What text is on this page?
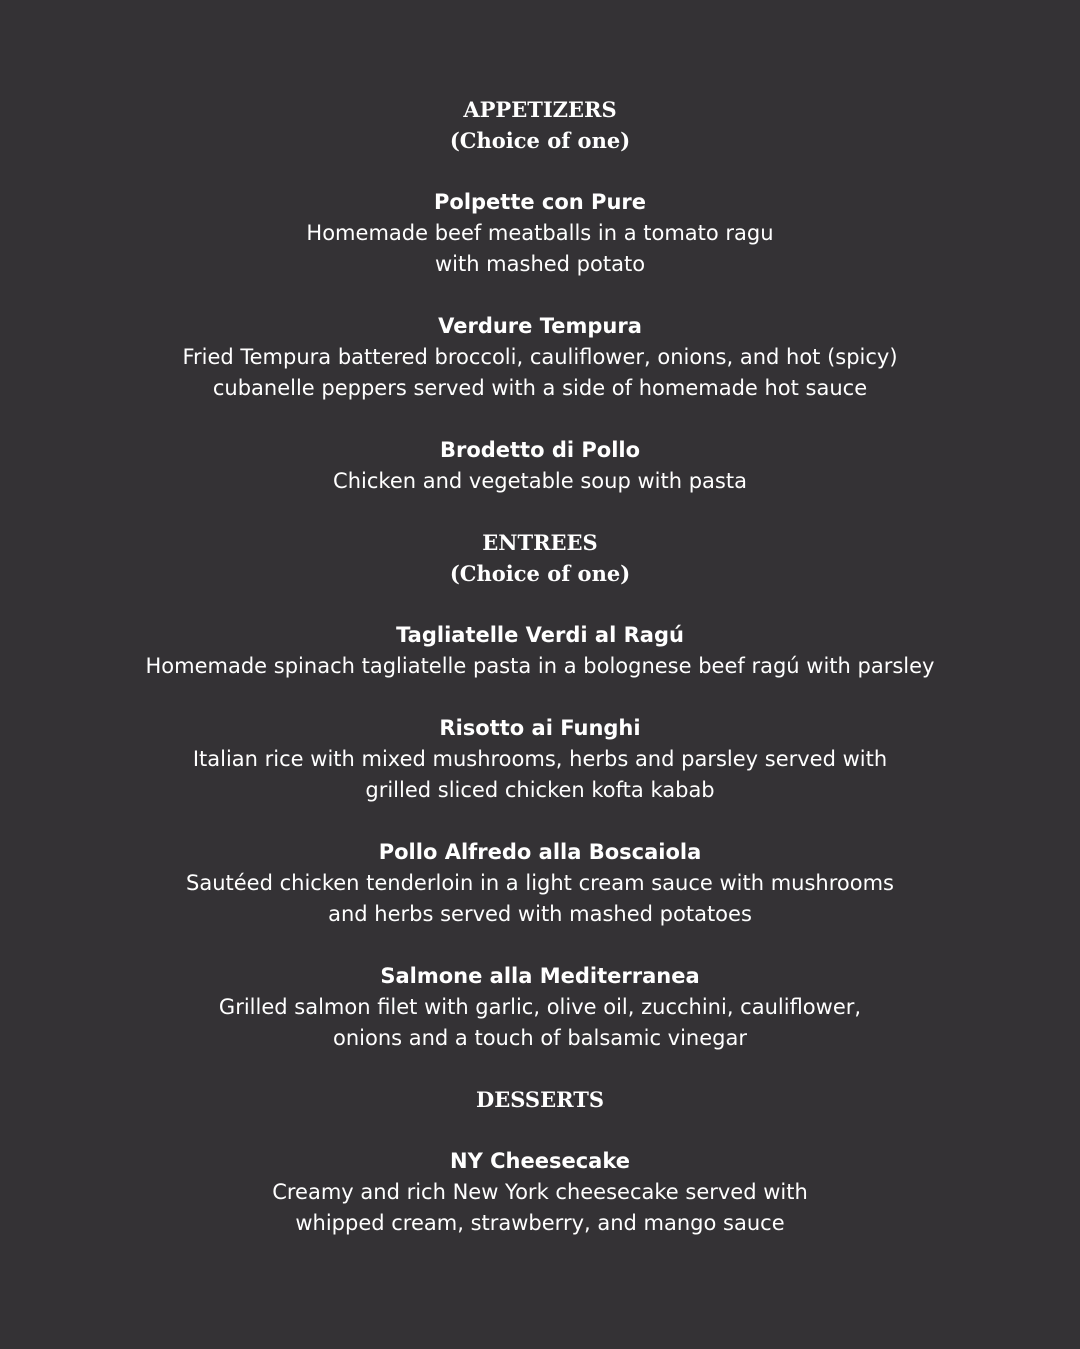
APPETIZERS

(Choice of one)

Polpette con Pure

Homemade beef meatballs in a tomato ragu

with mashed potato

Verdure Tempura

Fried Tempura battered broccoli, cauliflower, onions, and hot (spicy)

cubanelle peppers served with a side of homemade hot sauce

Brodetto di Pollo

Chicken and vegetable soup with pasta

ENTREES

(Choice of one)

Tagliatelle Verdi al Ragú

Homemade spinach tagliatelle pasta in a bolognese beef ragú with parsley

Risotto ai Funghi

Italian rice with mixed mushrooms, herbs and parsley served with

grilled sliced chicken kofta kabab

Pollo Alfredo alla Boscaiola

Sautéed chicken tenderloin in a light cream sauce with mushrooms

and herbs served with mashed potatoes

Salmone alla Mediterranea

Grilled salmon filet with garlic, olive oil, zucchini, cauliflower,

onions and a touch of balsamic vinegar

DESSERTS

NY Cheesecake

Creamy and rich New York cheesecake served with

whipped cream, strawberry, and mango sauce
